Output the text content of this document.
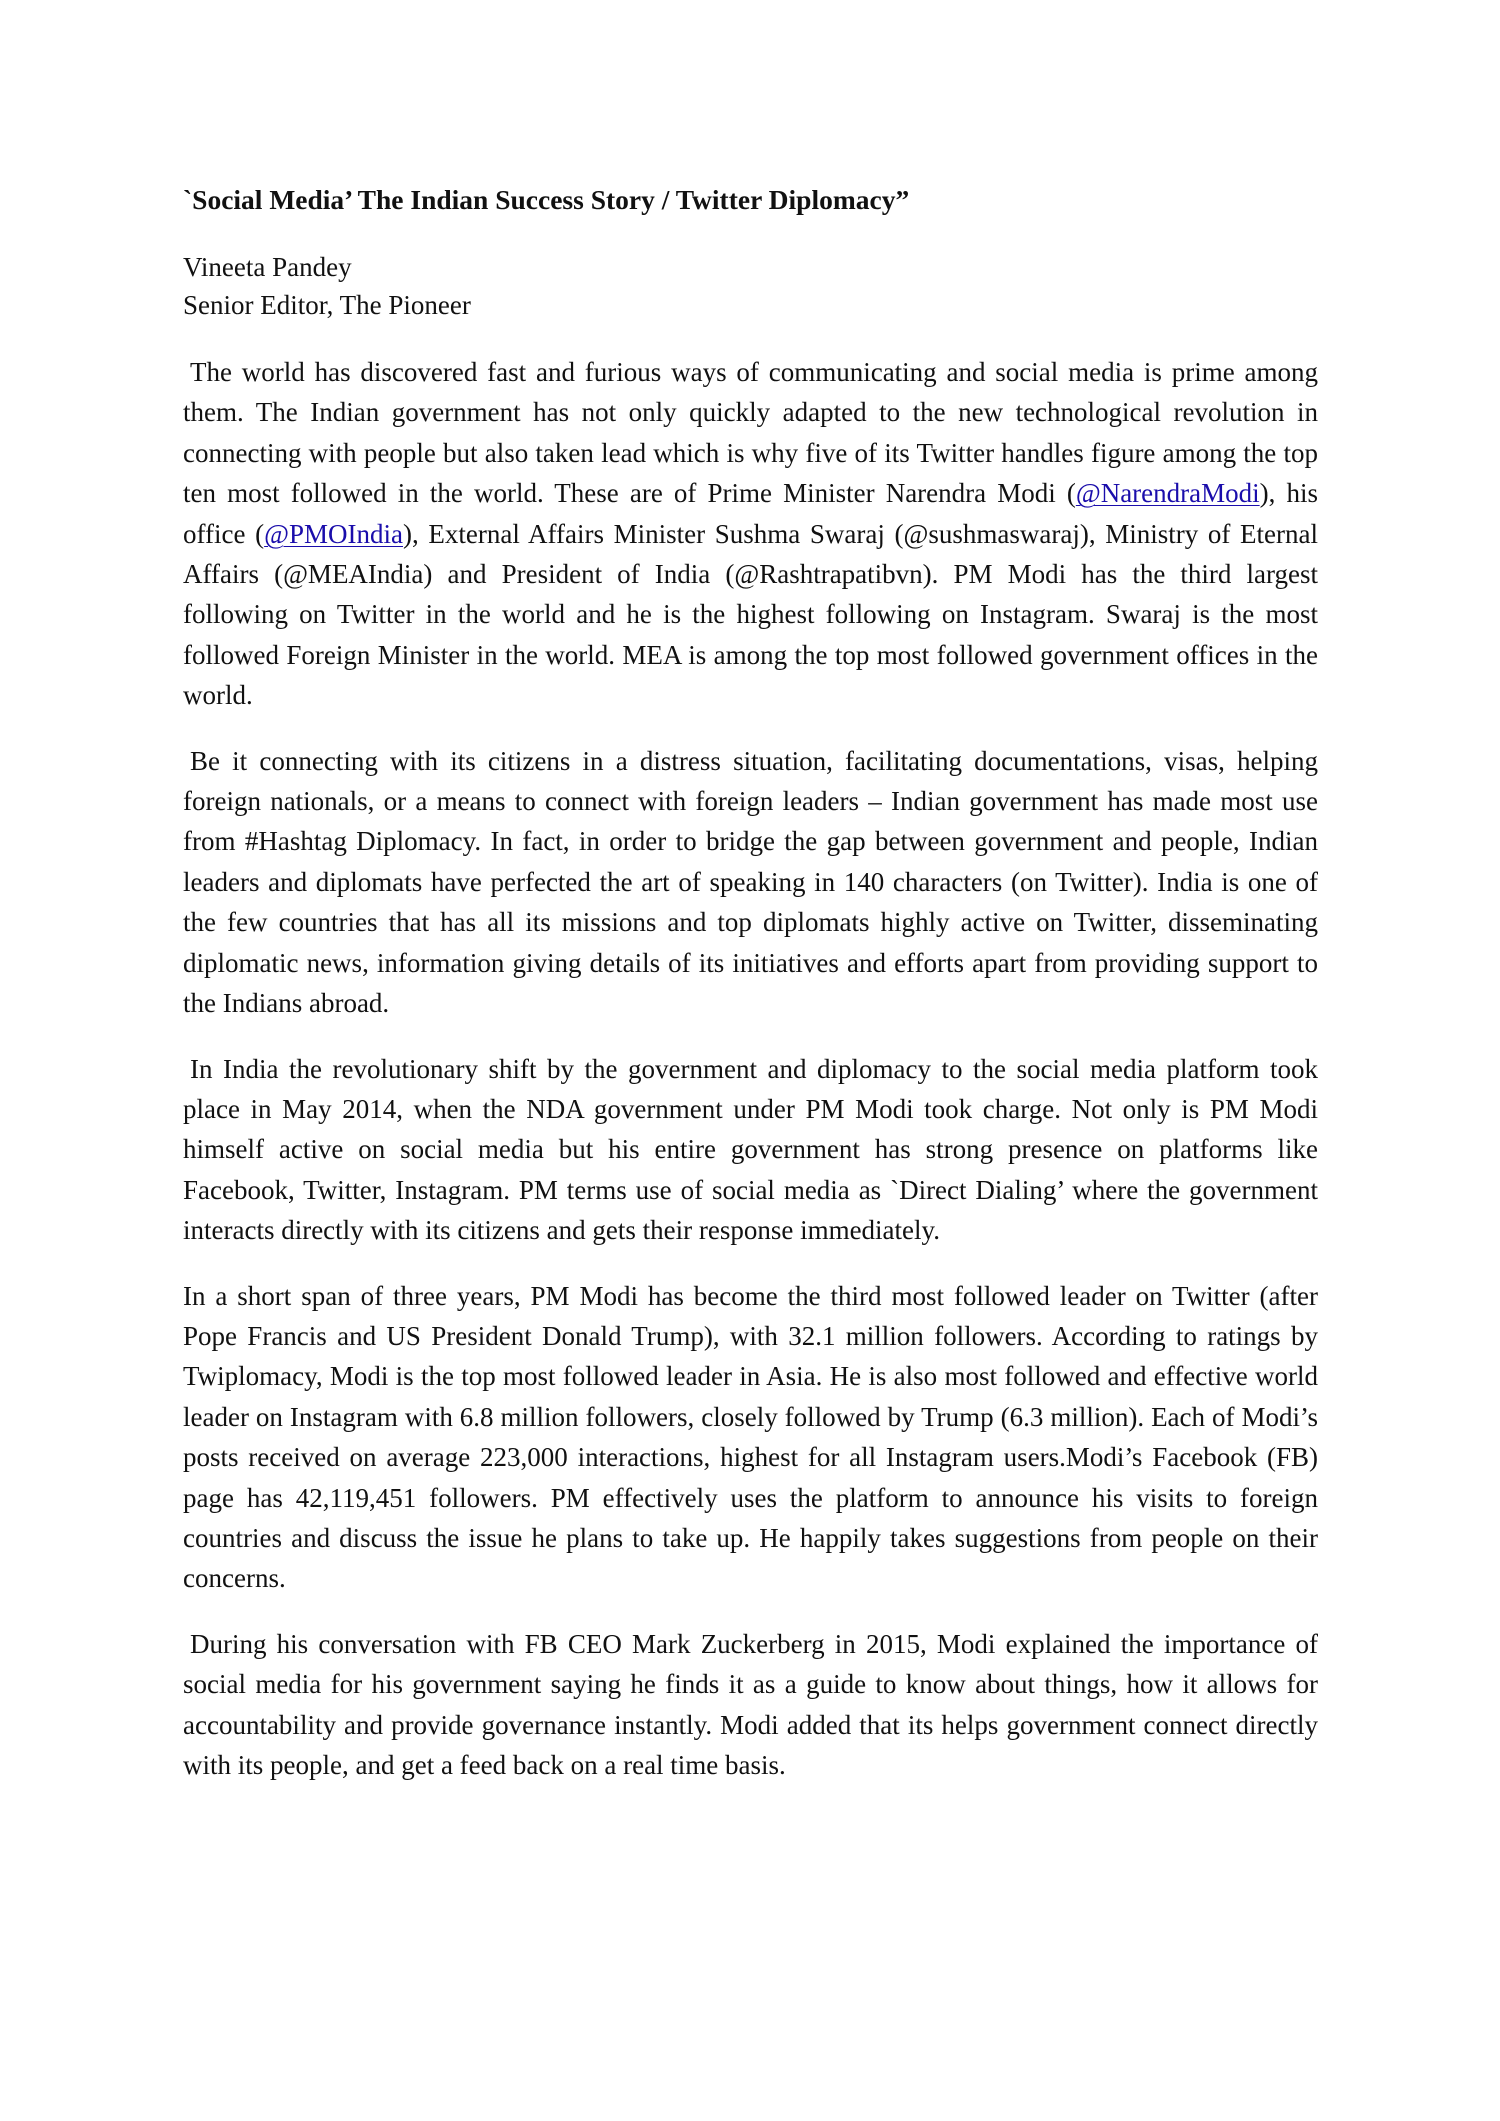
`Social Media’ The Indian Success Story / Twitter Diplomacy”
Vineeta Pandey
Senior Editor, The Pioneer

The world has discovered fast and furious ways of communicating and social media is prime among them. The Indian government has not only quickly adapted to the new technological revolution in connecting with people but also taken lead which is why five of its Twitter handles figure among the top ten most followed in the world. These are of Prime Minister Narendra Modi (@NarendraModi), his office (@PMOIndia), External Affairs Minister Sushma Swaraj (@sushmaswaraj), Ministry of Eternal Affairs (@MEAIndia) and President of India (@Rashtrapatibvn). PM Modi has the third largest following on Twitter in the world and he is the highest following on Instagram. Swaraj is the most followed Foreign Minister in the world. MEA is among the top most followed government offices in the world.

Be it connecting with its citizens in a distress situation, facilitating documentations, visas, helping foreign nationals, or a means to connect with foreign leaders – Indian government has made most use from #Hashtag Diplomacy. In fact, in order to bridge the gap between government and people, Indian leaders and diplomats have perfected the art of speaking in 140 characters (on Twitter). India is one of the few countries that has all its missions and top diplomats highly active on Twitter, disseminating diplomatic news, information giving details of its initiatives and efforts apart from providing support to the Indians abroad.

In India the revolutionary shift by the government and diplomacy to the social media platform took place in May 2014, when the NDA government under PM Modi took charge. Not only is PM Modi himself active on social media but his entire government has strong presence on platforms like Facebook, Twitter, Instagram. PM terms use of social media as `Direct Dialing’ where the government interacts directly with its citizens and gets their response immediately.

In a short span of three years, PM Modi has become the third most followed leader on Twitter (after Pope Francis and US President Donald Trump), with 32.1 million followers. According to ratings by Twiplomacy, Modi is the top most followed leader in Asia. He is also most followed and effective world leader on Instagram with 6.8 million followers, closely followed by Trump (6.3 million). Each of Modi’s posts received on average 223,000 interactions, highest for all Instagram users.Modi’s Facebook (FB) page has 42,119,451 followers. PM effectively uses the platform to announce his visits to foreign countries and discuss the issue he plans to take up. He happily takes suggestions from people on their concerns.

During his conversation with FB CEO Mark Zuckerberg in 2015, Modi explained the importance of social media for his government saying he finds it as a guide to know about things, how it allows for accountability and provide governance instantly. Modi added that its helps government connect directly with its people, and get a feed back on a real time basis.
